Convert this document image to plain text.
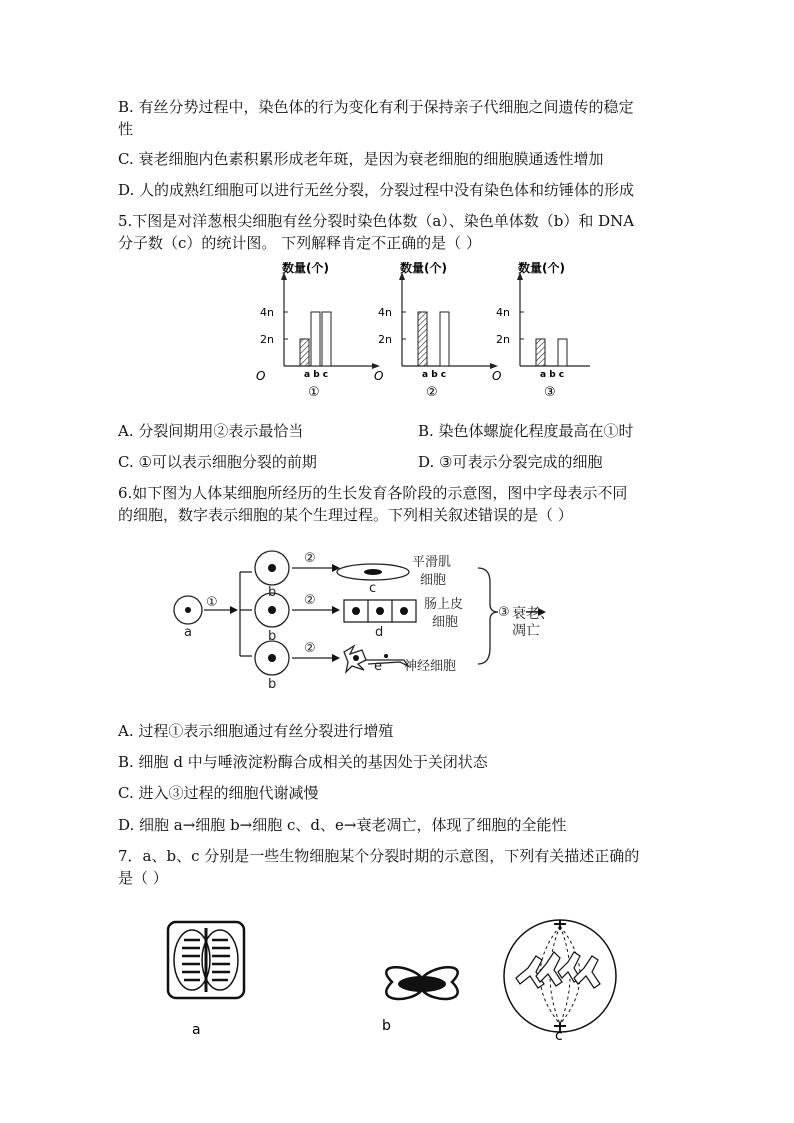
B. 有丝分势过程中，染色体的行为变化有利于保持亲子代细胞之间遗传的稳定
性
C. 衰老细胞内色素积累形成老年斑，是因为衰老细胞的细胞膜通透性增加
D. 人的成熟红细胞可以进行无丝分裂，分裂过程中没有染色体和纺锤体的形成
5.下图是对洋葱根尖细胞有丝分裂时染色体数（a）、染色单体数（b）和 DNA
分子数（c）的统计图。 下列解释肯定不正确的是（ ）
数量(个)
4n
2n
O	a b c
①
数量(个)
4n
2n
O	a b c
②
数量(个)
4n
2n
O	a b c
③
A. 分裂间期用②表示最恰当	B. 染色体螺旋化程度最高在①时
C. ①可以表示细胞分裂的前期	D. ③可表示分裂完成的细胞
6.如下图为人体某细胞所经历的生长发育各阶段的示意图，图中字母表示不同
的细胞，数字表示细胞的某个生理过程。下列相关叙述错误的是（ ）
a
①
b
b
b
②
②
②
c
d
e
平滑肌
细胞
肠上皮
细胞
神经细胞
③ 衰老、
凋亡
A. 过程①表示细胞通过有丝分裂进行增殖
B. 细胞 d 中与唾液淀粉酶合成相关的基因处于关闭状态
C. 进入③过程的细胞代谢减慢
D. 细胞 a→细胞 b→细胞 c、d、e→衰老凋亡，体现了细胞的全能性
7．a、b、c 分别是一些生物细胞某个分裂时期的示意图，下列有关描述正确的
是（ ）
a	b
c
